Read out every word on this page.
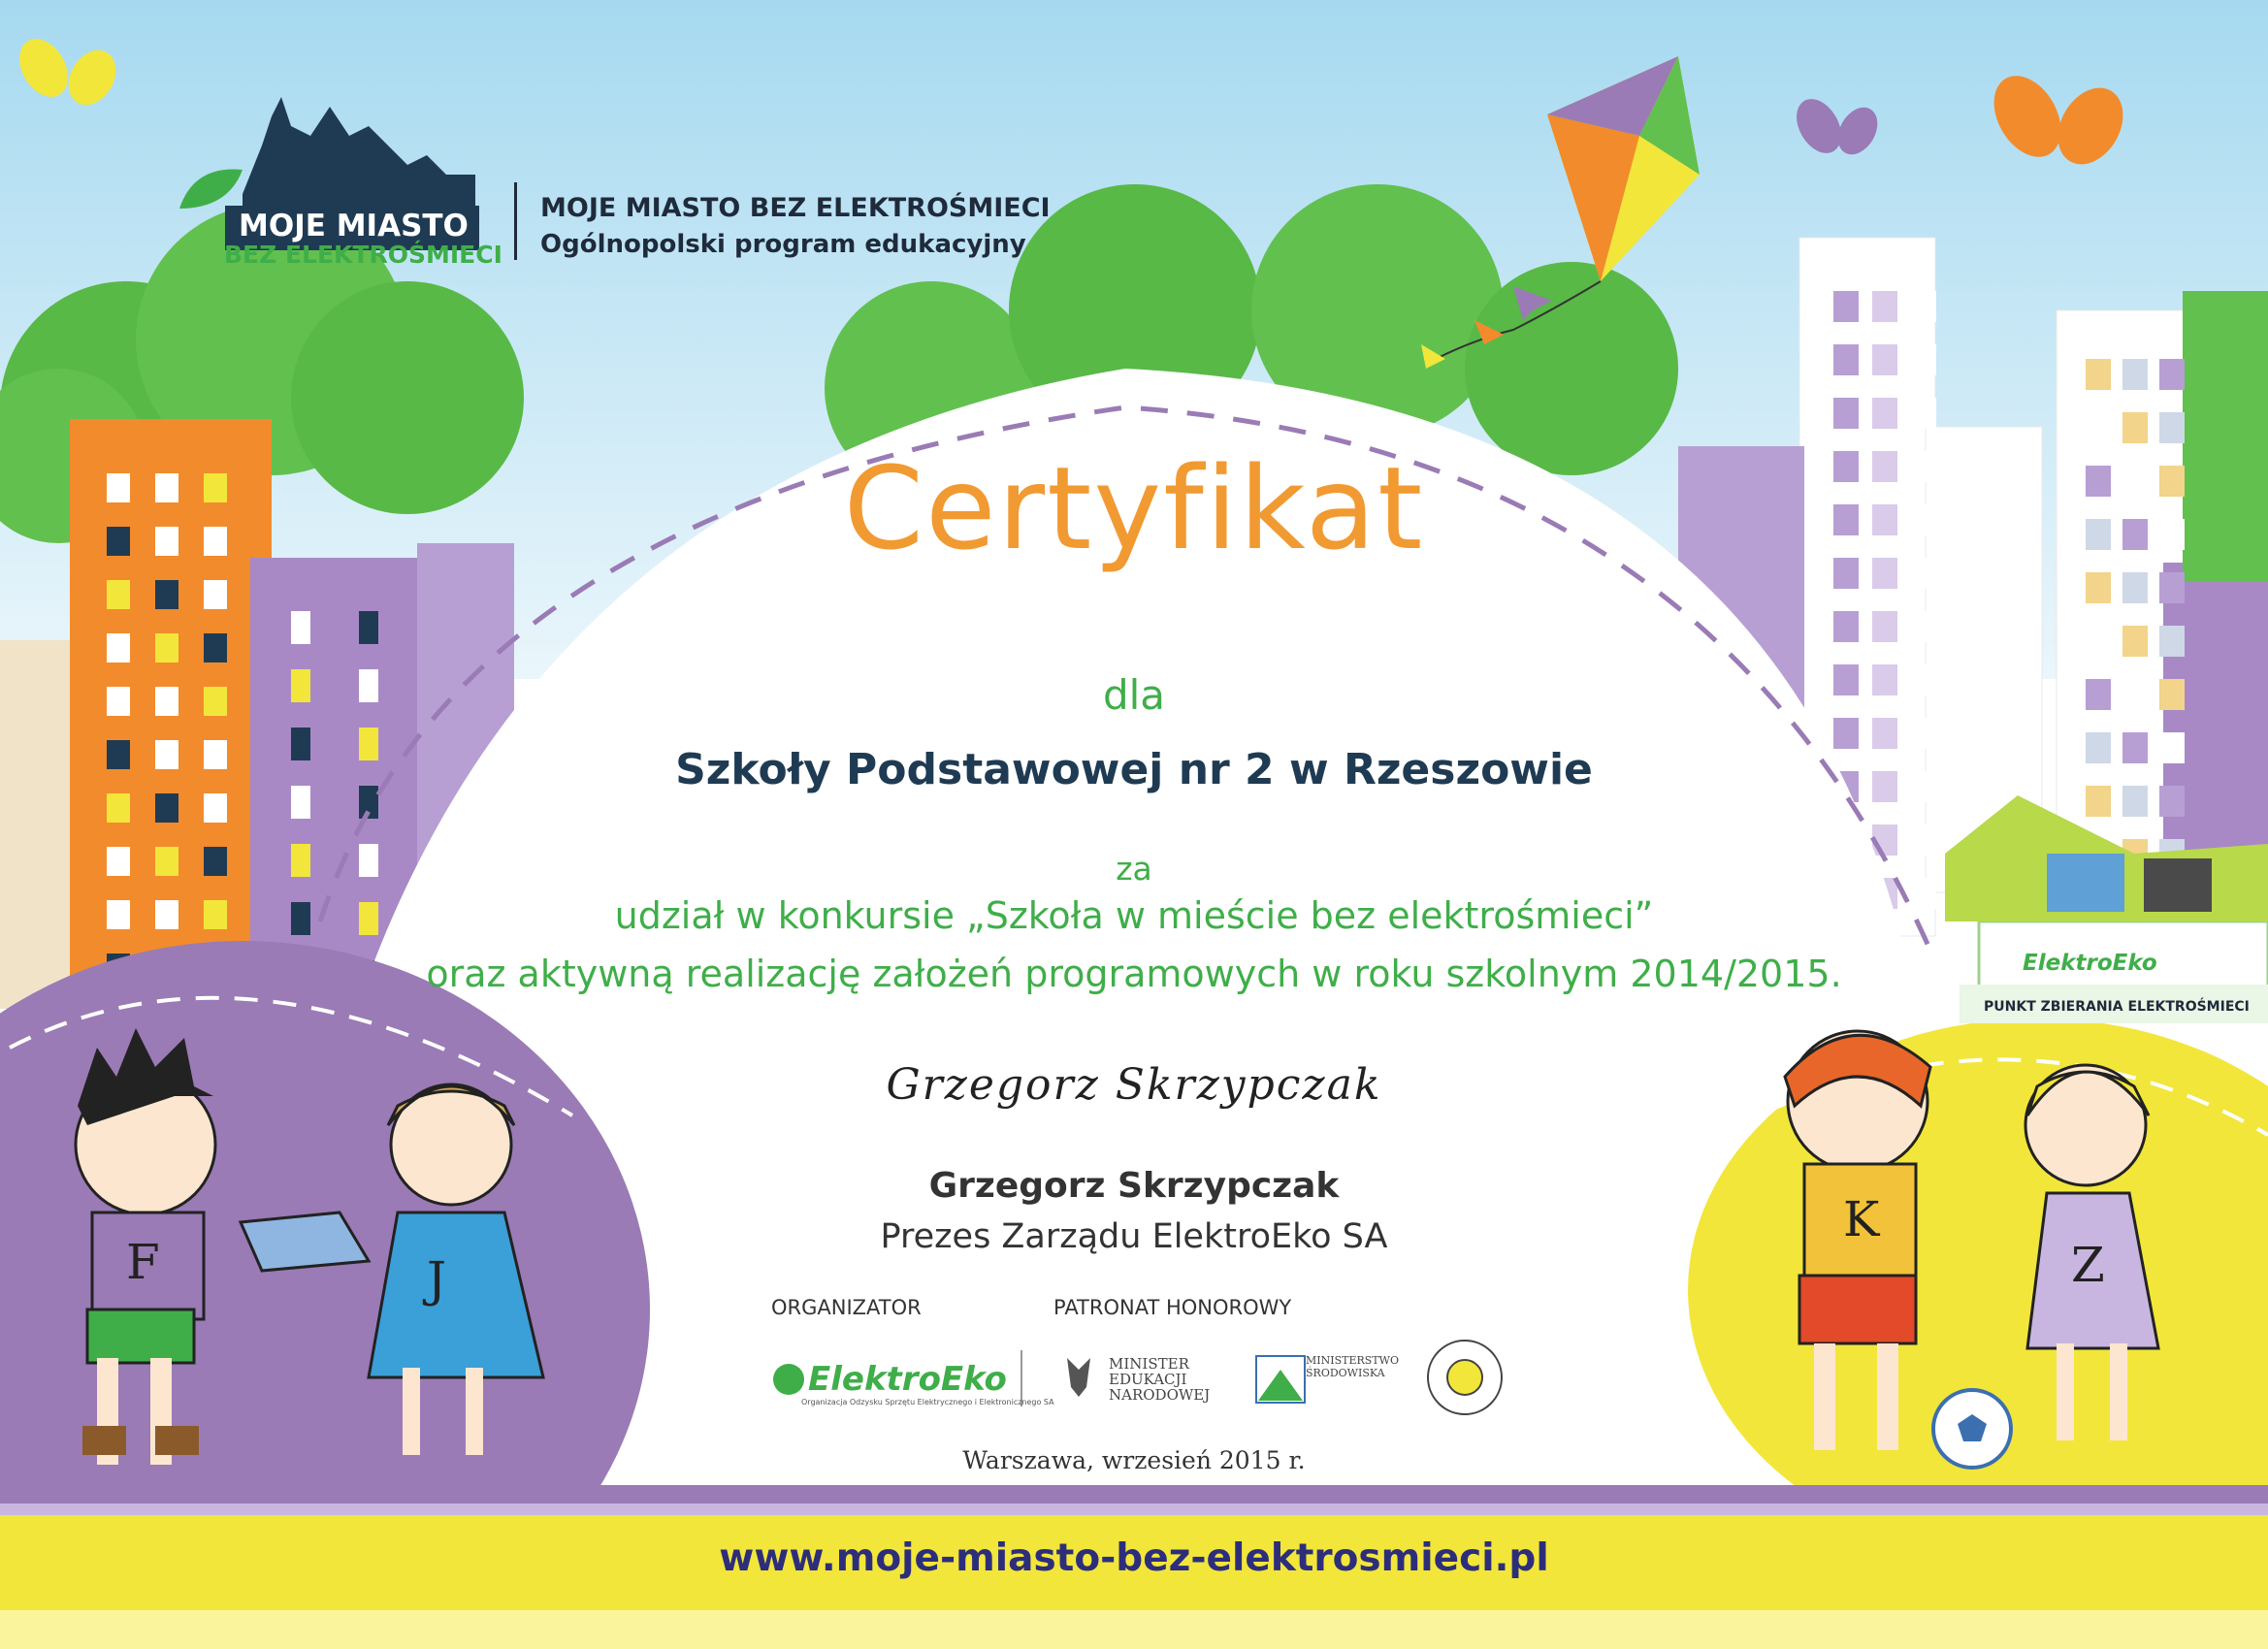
MOJE MIASTO
BEZ ELEKTROŚMIECI
MOJE MIASTO BEZ ELEKTROŚMIECI
Ogólnopolski program edukacyjny
Certyfikat
dla
Szkoły Podstawowej nr 2 w Rzeszowie
za
udział w konkursie „Szkoła w mieście bez elektrośmieci”
oraz aktywną realizację założeń programowych w roku szkolnym 2014/2015.
Grzegorz Skrzypczak
Grzegorz Skrzypczak
Prezes Zarządu ElektroEko SA
ORGANIZATOR	PATRONAT HONOROWY
ElektroEko
Organizacja Odzysku Sprzętu Elektrycznego i Elektronicznego SA
MINISTER
EDUKACJI
NARODOWEJ
MINISTERSTWO
ŚRODOWISKA
ElektroEko
PUNKT ZBIERANIA ELEKTROŚMIECI
F	J
K
Z
Warszawa, wrzesień 2015 r.
www.moje-miasto-bez-elektrosmieci.pl
